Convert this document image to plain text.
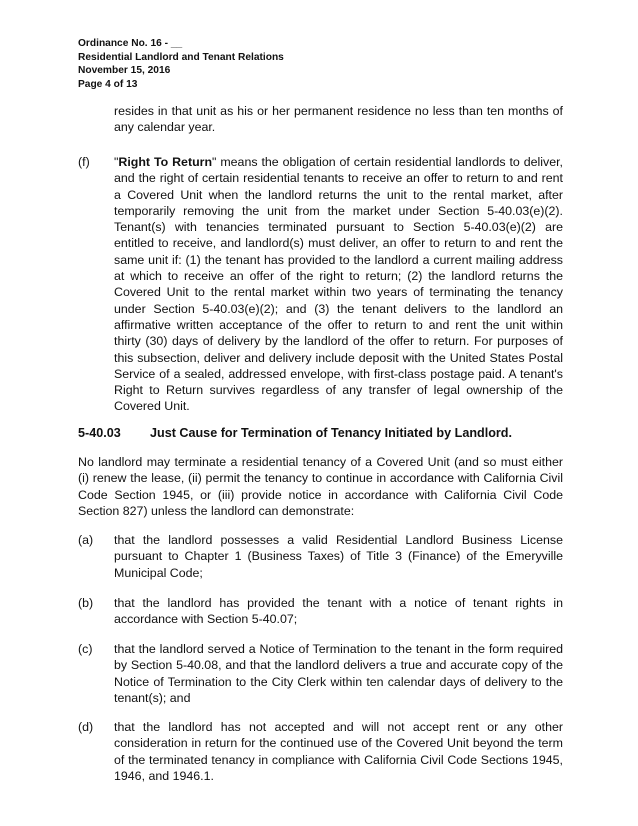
Ordinance No. 16 - __
Residential Landlord and Tenant Relations
November 15, 2016
Page 4 of 13
resides in that unit as his or her permanent residence no less than ten months of
any calendar year.
(f) "Right To Return" means the obligation of certain residential landlords to deliver,
and the right of certain residential tenants to receive an offer to return to and rent
a Covered Unit when the landlord returns the unit to the rental market, after
temporarily removing the unit from the market under Section 5-40.03(e)(2).
Tenant(s) with tenancies terminated pursuant to Section 5-40.03(e)(2) are
entitled to receive, and landlord(s) must deliver, an offer to return to and rent the
same unit if: (1) the tenant has provided to the landlord a current mailing address
at which to receive an offer of the right to return; (2) the landlord returns the
Covered Unit to the rental market within two years of terminating the tenancy
under Section 5-40.03(e)(2); and (3) the tenant delivers to the landlord an
affirmative written acceptance of the offer to return to and rent the unit within
thirty (30) days of delivery by the landlord of the offer to return. For purposes of
this subsection, deliver and delivery include deposit with the United States Postal
Service of a sealed, addressed envelope, with first-class postage paid. A tenant's
Right to Return survives regardless of any transfer of legal ownership of the
Covered Unit.
5-40.03 Just Cause for Termination of Tenancy Initiated by Landlord.
No landlord may terminate a residential tenancy of a Covered Unit (and so must either
(i) renew the lease, (ii) permit the tenancy to continue in accordance with California Civil
Code Section 1945, or (iii) provide notice in accordance with California Civil Code
Section 827) unless the landlord can demonstrate:
(a) that the landlord possesses a valid Residential Landlord Business License
pursuant to Chapter 1 (Business Taxes) of Title 3 (Finance) of the Emeryville
Municipal Code;
(b) that the landlord has provided the tenant with a notice of tenant rights in
accordance with Section 5-40.07;
(c) that the landlord served a Notice of Termination to the tenant in the form required
by Section 5-40.08, and that the landlord delivers a true and accurate copy of the
Notice of Termination to the City Clerk within ten calendar days of delivery to the
tenant(s); and
(d) that the landlord has not accepted and will not accept rent or any other
consideration in return for the continued use of the Covered Unit beyond the term
of the terminated tenancy in compliance with California Civil Code Sections 1945,
1946, and 1946.1.
